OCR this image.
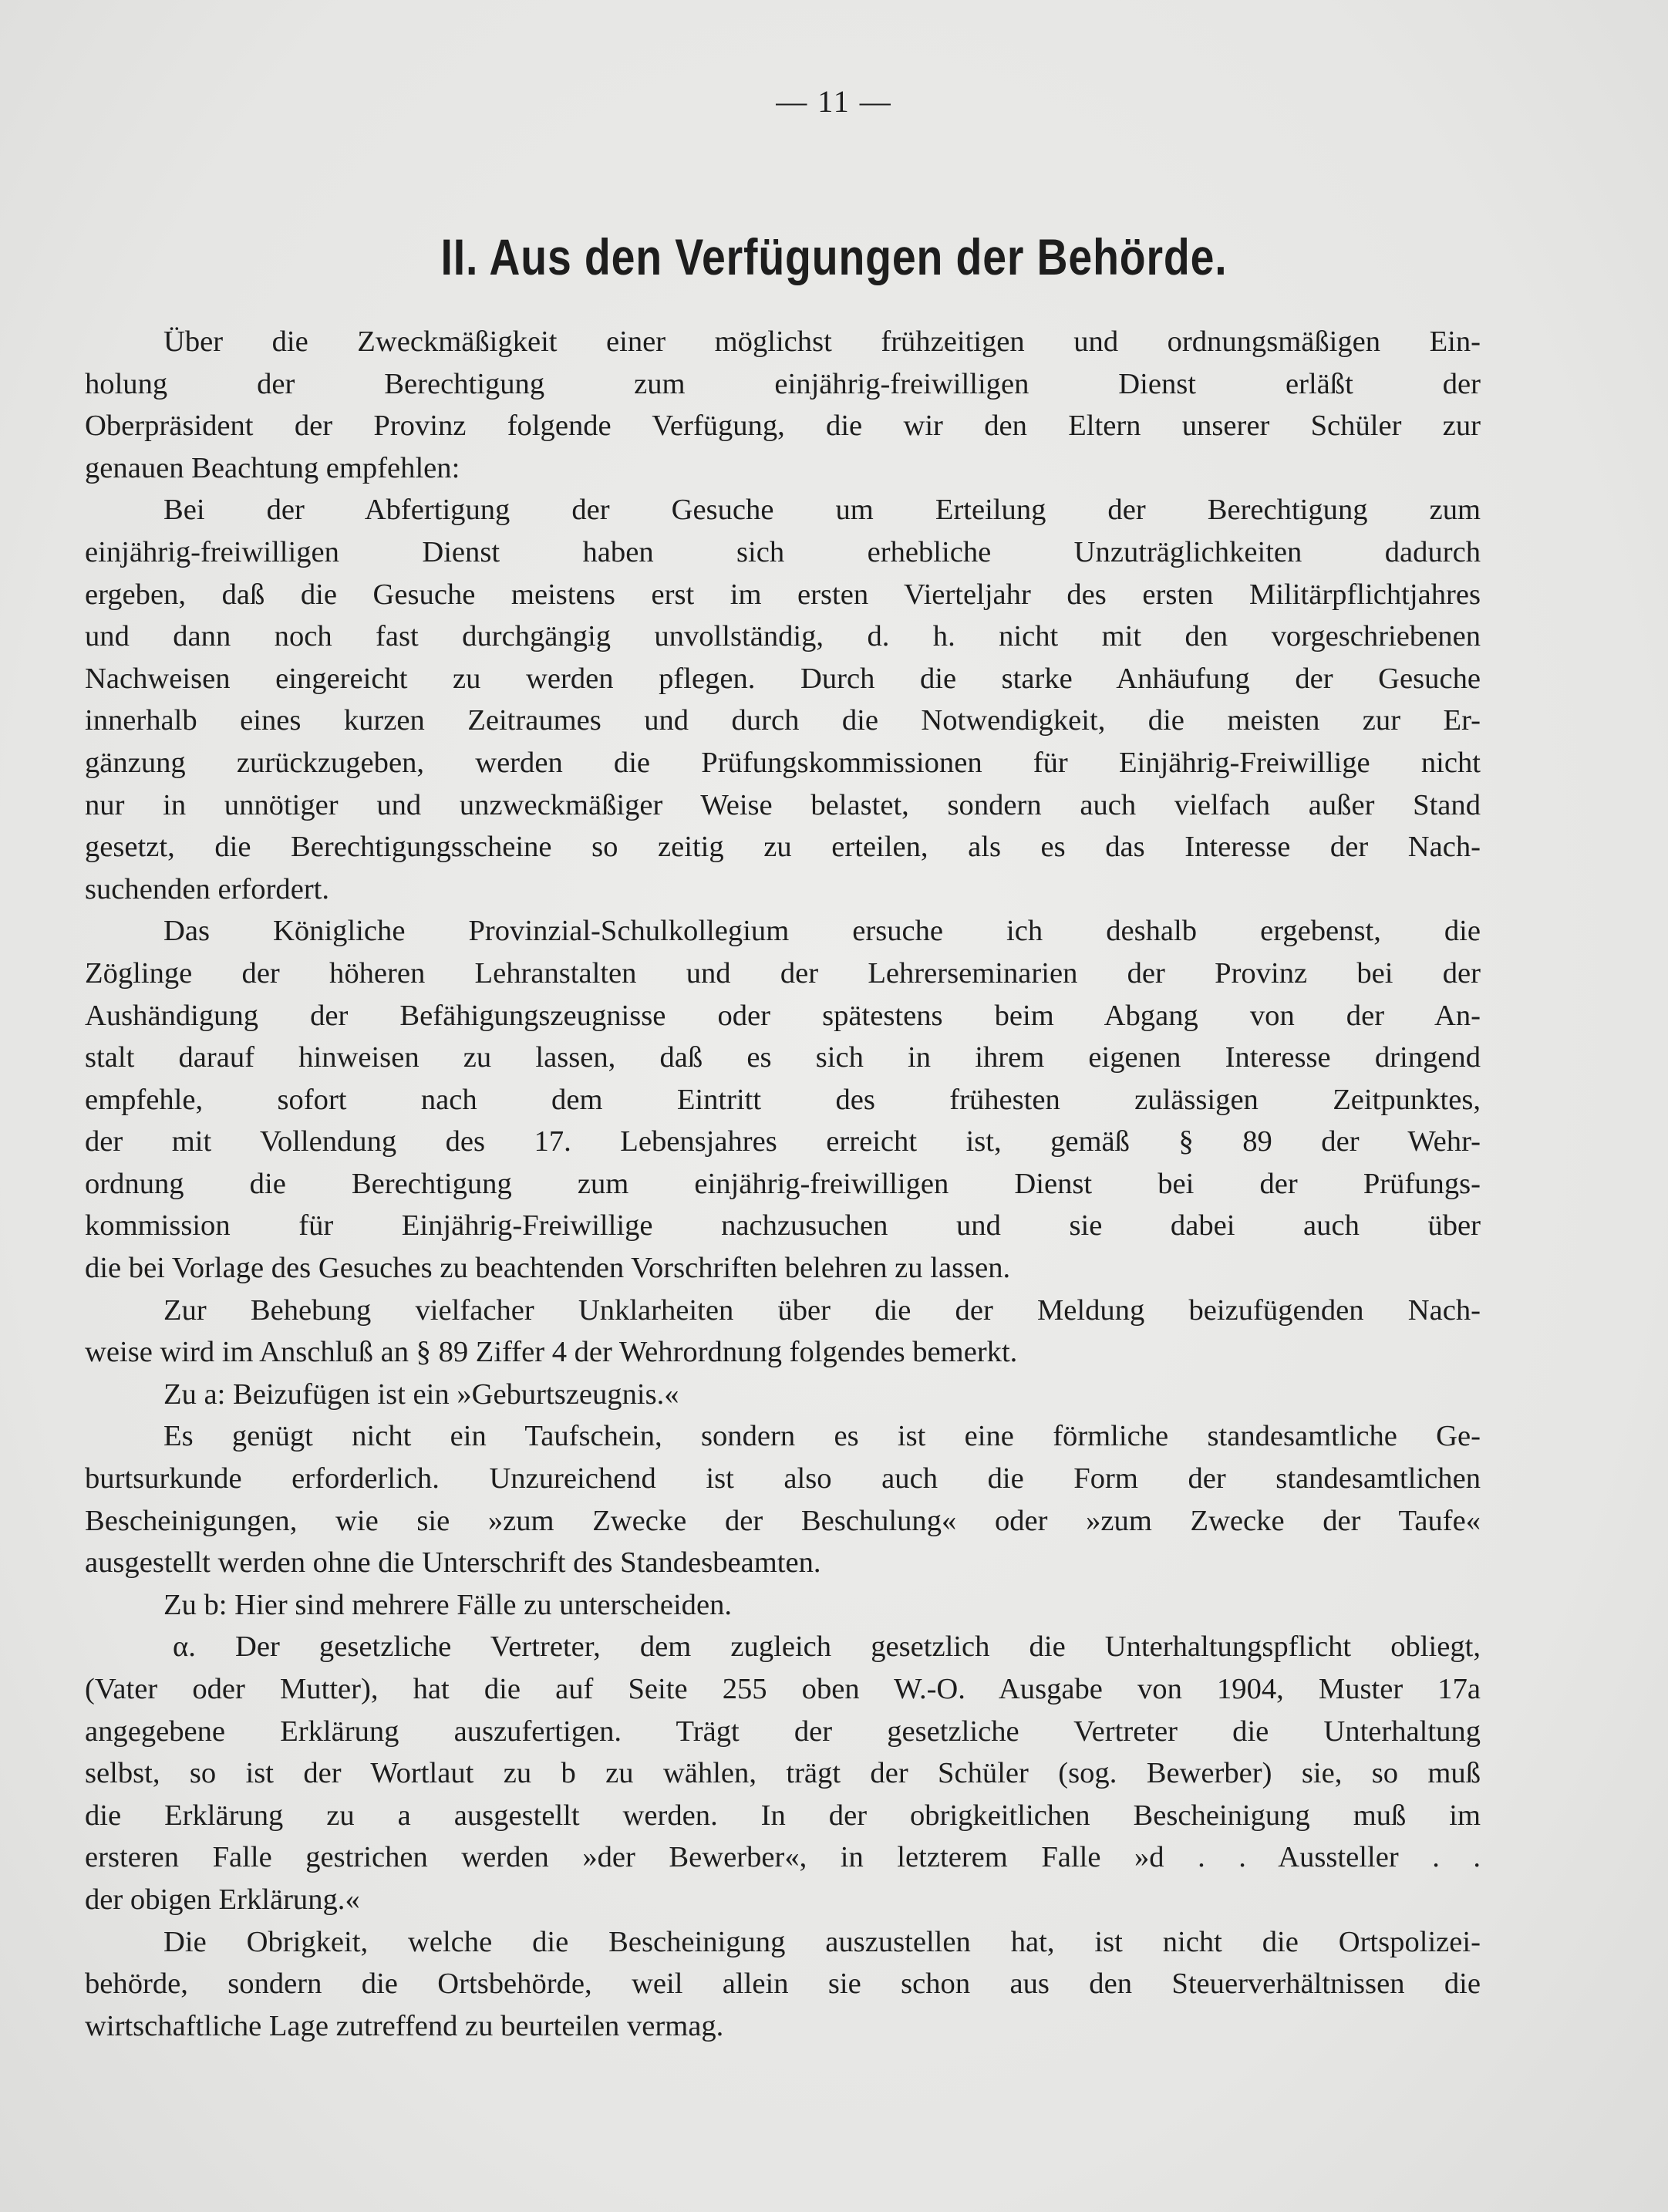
— 11 —
II. Aus den Verfügungen der Behörde.
Über die Zweckmäßigkeit einer möglichst frühzeitigen und ordnungsmäßigen Ein-
holung der Berechtigung zum einjährig-freiwilligen Dienst erläßt der
Oberpräsident der Provinz folgende Verfügung, die wir den Eltern unserer Schüler zur
genauen Beachtung empfehlen:
Bei der Abfertigung der Gesuche um Erteilung der Berechtigung zum
einjährig-freiwilligen Dienst haben sich erhebliche Unzuträglichkeiten dadurch
ergeben, daß die Gesuche meistens erst im ersten Vierteljahr des ersten Militärpflichtjahres
und dann noch fast durchgängig unvollständig, d. h. nicht mit den vorgeschriebenen
Nachweisen eingereicht zu werden pflegen. Durch die starke Anhäufung der Gesuche
innerhalb eines kurzen Zeitraumes und durch die Notwendigkeit, die meisten zur Er-
gänzung zurückzugeben, werden die Prüfungskommissionen für Einjährig-Freiwillige nicht
nur in unnötiger und unzweckmäßiger Weise belastet, sondern auch vielfach außer Stand
gesetzt, die Berechtigungsscheine so zeitig zu erteilen, als es das Interesse der Nach-
suchenden erfordert.
Das Königliche Provinzial-Schulkollegium ersuche ich deshalb ergebenst, die
Zöglinge der höheren Lehranstalten und der Lehrerseminarien der Provinz bei der
Aushändigung der Befähigungszeugnisse oder spätestens beim Abgang von der An-
stalt darauf hinweisen zu lassen, daß es sich in ihrem eigenen Interesse dringend
empfehle, sofort nach dem Eintritt des frühesten zulässigen Zeitpunktes,
der mit Vollendung des 17. Lebensjahres erreicht ist, gemäß § 89 der Wehr-
ordnung die Berechtigung zum einjährig-freiwilligen Dienst bei der Prüfungs-
kommission für Einjährig-Freiwillige nachzusuchen und sie dabei auch über
die bei Vorlage des Gesuches zu beachtenden Vorschriften belehren zu lassen.
Zur Behebung vielfacher Unklarheiten über die der Meldung beizufügenden Nach-
weise wird im Anschluß an § 89 Ziffer 4 der Wehrordnung folgendes bemerkt.
Zu a: Beizufügen ist ein »Geburtszeugnis.«
Es genügt nicht ein Taufschein, sondern es ist eine förmliche standesamtliche Ge-
burtsurkunde erforderlich. Unzureichend ist also auch die Form der standesamtlichen
Bescheinigungen, wie sie »zum Zwecke der Beschulung« oder »zum Zwecke der Taufe«
ausgestellt werden ohne die Unterschrift des Standesbeamten.
Zu b: Hier sind mehrere Fälle zu unterscheiden.
α. Der gesetzliche Vertreter, dem zugleich gesetzlich die Unterhaltungspflicht obliegt,
(Vater oder Mutter), hat die auf Seite 255 oben W.-O. Ausgabe von 1904, Muster 17a
angegebene Erklärung auszufertigen. Trägt der gesetzliche Vertreter die Unterhaltung
selbst, so ist der Wortlaut zu b zu wählen, trägt der Schüler (sog. Bewerber) sie, so muß
die Erklärung zu a ausgestellt werden. In der obrigkeitlichen Bescheinigung muß im
ersteren Falle gestrichen werden »der Bewerber«, in letzterem Falle »d . . Aussteller . .
der obigen Erklärung.«
Die Obrigkeit, welche die Bescheinigung auszustellen hat, ist nicht die Ortspolizei-
behörde, sondern die Ortsbehörde, weil allein sie schon aus den Steuerverhältnissen die
wirtschaftliche Lage zutreffend zu beurteilen vermag.
